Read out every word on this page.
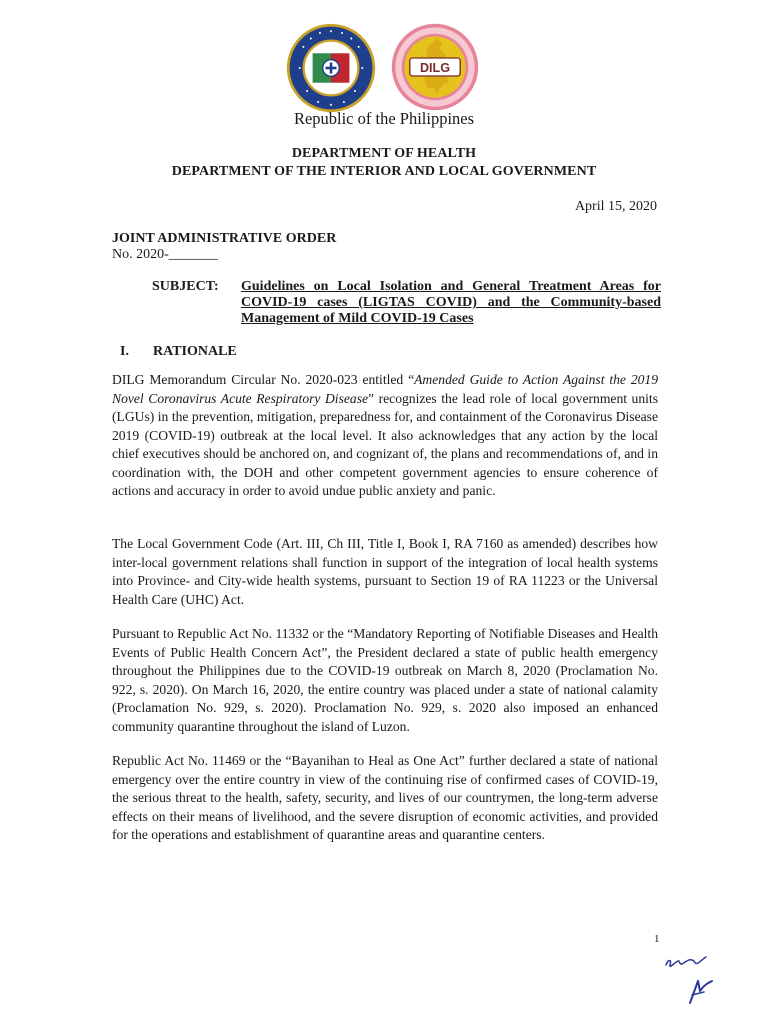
DILG
Republic of the Philippines
DEPARTMENT OF HEALTH
DEPARTMENT OF THE INTERIOR AND LOCAL GOVERNMENT
April 15, 2020
JOINT ADMINISTRATIVE ORDER
No. 2020-_______
SUBJECT: Guidelines on Local Isolation and General Treatment Areas for COVID-19 cases (LIGTAS COVID) and the Community-based Management of Mild COVID-19 Cases
I. RATIONALE

DILG Memorandum Circular No. 2020-023 entitled “Amended Guide to Action Against the 2019 Novel Coronavirus Acute Respiratory Disease” recognizes the lead role of local government units (LGUs) in the prevention, mitigation, preparedness for, and containment of the Coronavirus Disease 2019 (COVID-19) outbreak at the local level. It also acknowledges that any action by the local chief executives should be anchored on, and cognizant of, the plans and recommendations of, and in coordination with, the DOH and other competent government agencies to ensure coherence of actions and accuracy in order to avoid undue public anxiety and panic.

The Local Government Code (Art. III, Ch III, Title I, Book I, RA 7160 as amended) describes how inter-local government relations shall function in support of the integration of local health systems into Province- and City-wide health systems, pursuant to Section 19 of RA 11223 or the Universal Health Care (UHC) Act.

Pursuant to Republic Act No. 11332 or the “Mandatory Reporting of Notifiable Diseases and Health Events of Public Health Concern Act”, the President declared a state of public health emergency throughout the Philippines due to the COVID-19 outbreak on March 8, 2020 (Proclamation No. 922, s. 2020). On March 16, 2020, the entire country was placed under a state of national calamity (Proclamation No. 929, s. 2020). Proclamation No. 929, s. 2020 also imposed an enhanced community quarantine throughout the island of Luzon.

Republic Act No. 11469 or the “Bayanihan to Heal as One Act” further declared a state of national emergency over the entire country in view of the continuing rise of confirmed cases of COVID-19, the serious threat to the health, safety, security, and lives of our countrymen, the long-term adverse effects on their means of livelihood, and the severe disruption of economic activities, and provided for the operations and establishment of quarantine areas and quarantine centers.

1
